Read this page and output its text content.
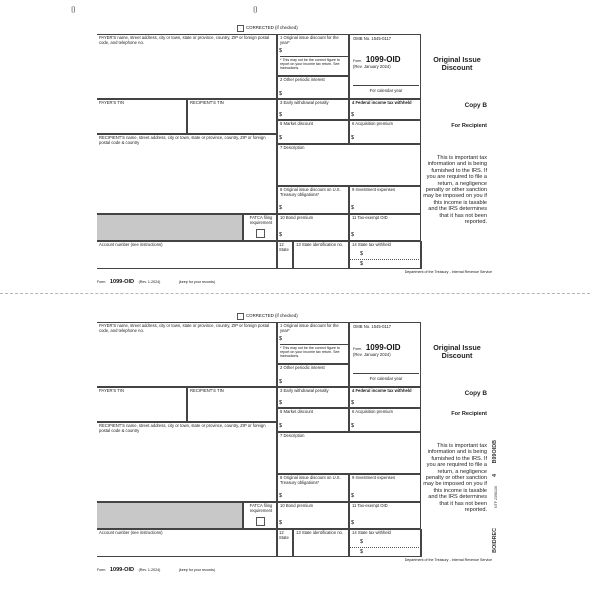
⌷	⌷
CORRECTED (if checked)
PAYER'S name, street address, city or town, state or province, country, ZIP or foreign postal code, and telephone no.
1 Original issue discount for the year*
$
* This may not be the correct figure to report on your income tax return. See instructions.
OMB No. 1545-0117
Form 1099-OID
(Rev. January 2024)
For calendar year
Original Issue
Discount
2 Other periodic interest
$
PAYER'S TIN	RECIPIENT'S TIN	3 Early withdrawal penalty
$
4 Federal income tax withheld
$
Copy B
5 Market discount
$
6 Acquisition premium
$
For Recipient
RECIPIENT'S name, street address, city or town, state or province, country, ZIP or foreign postal code & country
7 Description
This is important tax information and is being furnished to the IRS. If you are required to file a return, a negligence penalty or other sanction may be imposed on you if this income is taxable and the IRS determines that it has not been reported.
8 Original issue discount on U.S. Treasury obligations*
$
9 Investment expenses
$
FATCA filing requirement
10 Bond premium
$
11 Tax-exempt OID
$
Account number (see instructions)	12 State
13 State identification no. 14 State tax withheld
$
$
Form 1099-OID (Rev. 1-2024)	(keep for your records)
Department of the Treasury - Internal Revenue Service
CORRECTED (if checked)
PAYER'S name, street address, city or town, state or province, country, ZIP or foreign postal code, and telephone no.
1 Original issue discount for the year*
$
* This may not be the correct figure to report on your income tax return. See instructions.
OMB No. 1545-0117
Form 1099-OID
(Rev. January 2024)
For calendar year
Original Issue
Discount
2 Other periodic interest
$
PAYER'S TIN	RECIPIENT'S TIN	3 Early withdrawal penalty
$
4 Federal income tax withheld
$
Copy B
5 Market discount
$
6 Acquisition premium
$
For Recipient
RECIPIENT'S name, street address, city or town, state or province, country, ZIP or foreign postal code & country
7 Description
This is important tax information and is being furnished to the IRS. If you are required to file a return, a negligence penalty or other sanction may be imposed on you if this income is taxable and the IRS determines that it has not been reported.
8 Original issue discount on U.S. Treasury obligations*
$
9 Investment expenses
$
FATCA filing requirement
10 Bond premium
$
11 Tax-exempt OID
$
Account number (see instructions)	12 State
13 State identification no. 14 State tax withheld
$
$
Form 1099-OID (Rev. 1-2024)	(keep for your records)
Department of the Treasury - Internal Revenue Service
BOIDREC
NTF 2398136
4
B99OIDB
